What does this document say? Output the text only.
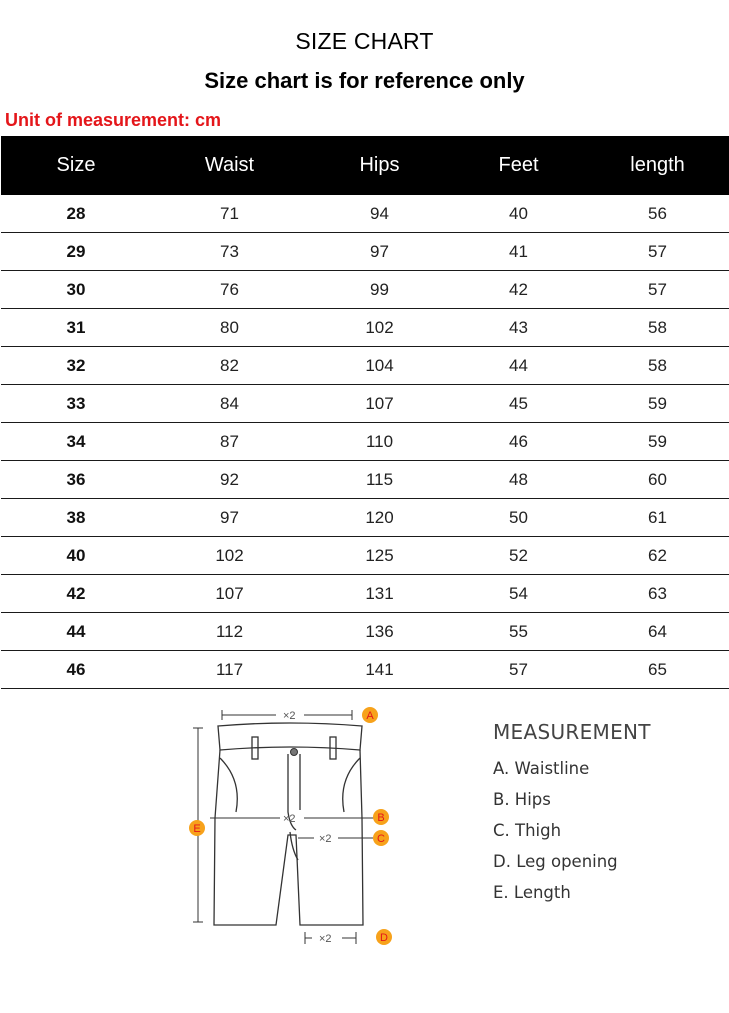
SIZE CHART
Size chart is for reference only
Unit of measurement: cm
Size	Waist	Hips	Feet	length
28	71	94	40	56
29	73	97	41	57
30	76	99	42	57
31	80	102	43	58
32	82	104	44	58
33	84	107	45	59
34	87	110	46	59
36	92	115	48	60
38	97	120	50	61
40	102	125	52	62
42	107	131	54	63
44	112	136	55	64
46	117	141	57	65
×2
×2
×2
×2
A
B
C
D
E
MEASUREMENT
A. Waistline
B. Hips
C. Thigh
D. Leg opening
E. Length
